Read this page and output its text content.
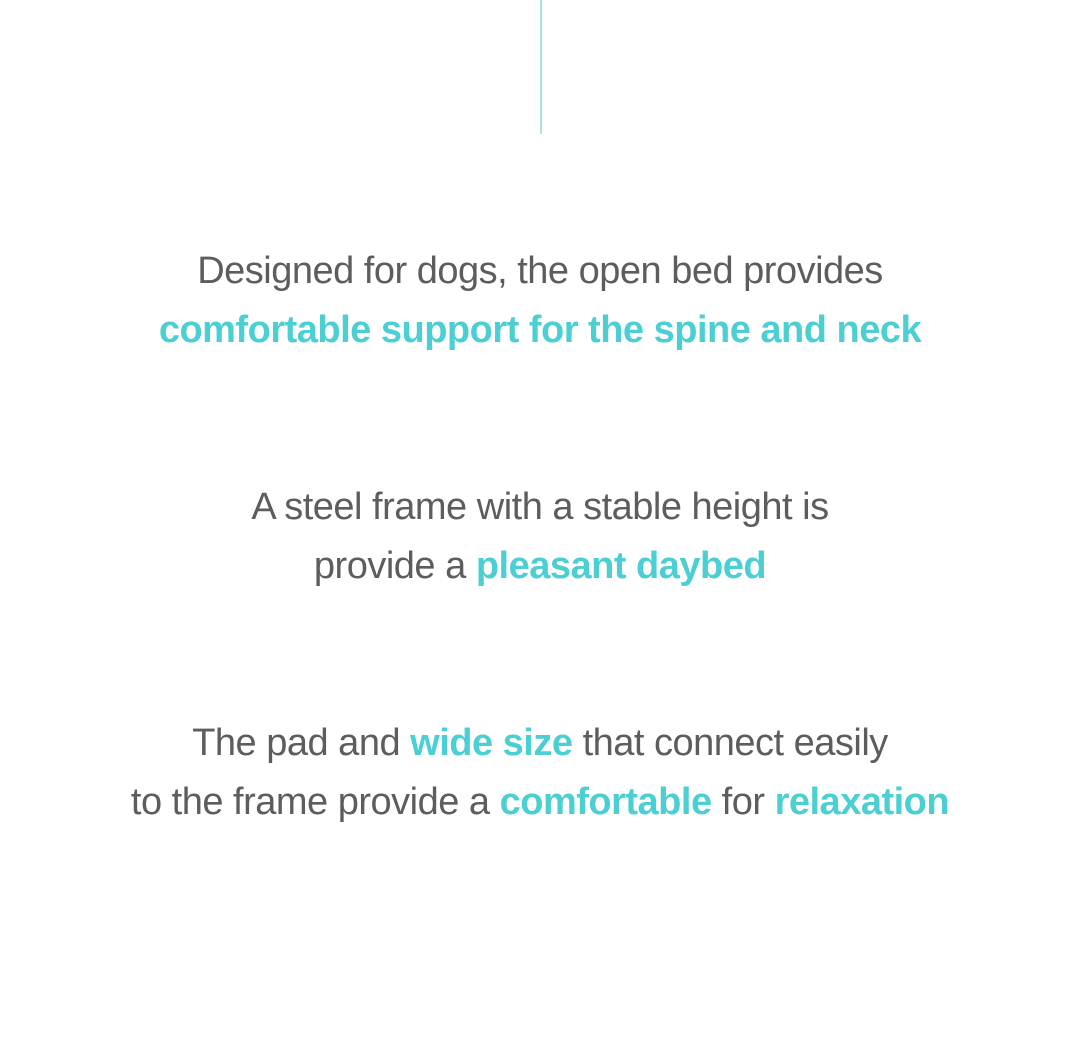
Designed for dogs, the open bed provides
comfortable support for the spine and neck
A steel frame with a stable height is
provide a pleasant daybed
The pad and wide size that connect easily
to the frame provide a comfortable for relaxation
